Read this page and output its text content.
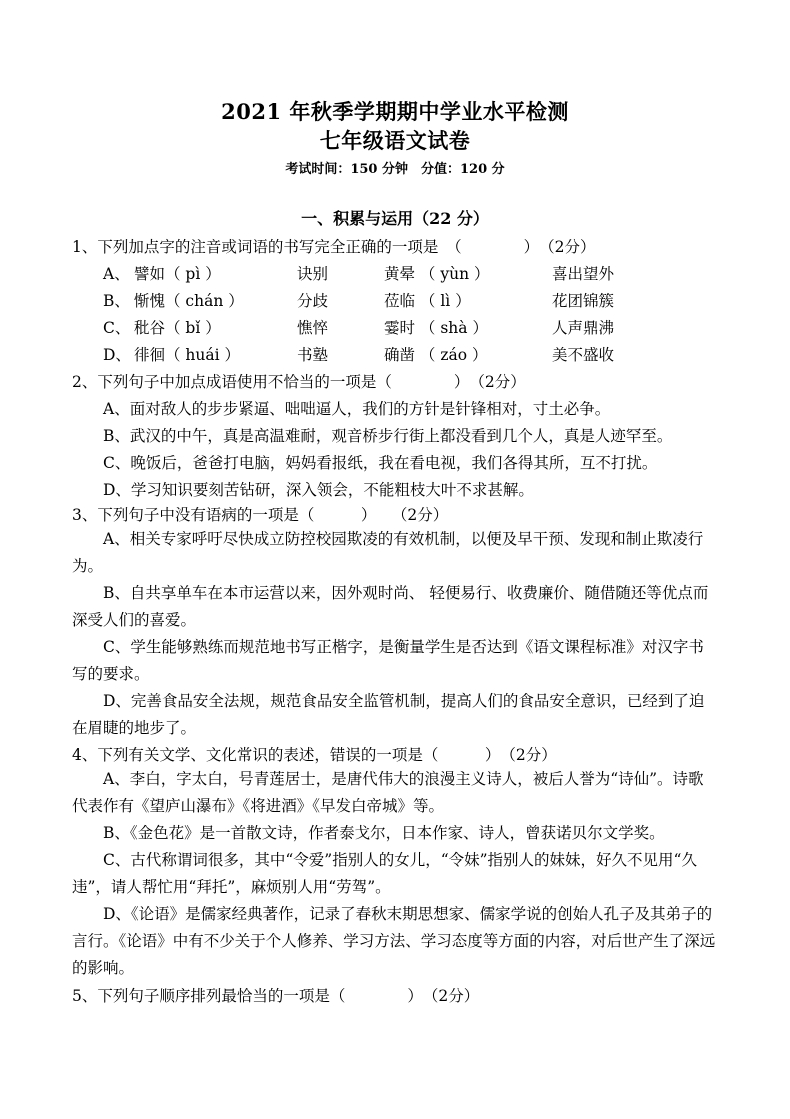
2021 年秋季学期期中学业水平检测
七年级语文试卷
考试时间：150 分钟　分值：120 分
一、积累与运用（22 分）
1、下列加点字的注音或词语的书写完全正确的一项是　（　　　　）　（2分）
A、 譬如（ pì ）	诀别	黄晕 （ yùn ）	喜出望外
B、 惭愧（ chán ）	分歧	莅临 （ lì ）	花团锦簇
C、 秕谷（ bǐ ）	憔悴	霎时 （ shà ）	人声鼎沸
D、 徘徊（ huái ）	书塾	确凿 （ záo ）	美不盛收
2、下列句子中加点成语使用不恰当的一项是（　　　　）　（2分）
A、面对敌人的步步紧逼、咄咄逼人，我们的方针是针锋相对，寸土必争。
B、武汉的中午，真是高温难耐，观音桥步行街上都没看到几个人，真是人迹罕至。
C、晚饭后，爸爸打电脑，妈妈看报纸，我在看电视，我们各得其所，互不打扰。
D、学习知识要刻苦钻研，深入领会，不能粗枝大叶不求甚解。
3、下列句子中没有语病的一项是（　　　）　　（2分）
A、相关专家呼吁尽快成立防控校园欺凌的有效机制，以便及早干预、发现和制止欺凌行为。
B、自共享单车在本市运营以来，因外观时尚、 轻便易行、收费廉价、随借随还等优点而深受人们的喜爱。
C、学生能够熟练而规范地书写正楷字，是衡量学生是否达到《语文课程标准》对汉字书写的要求。
D、完善食品安全法规，规范食品安全监管机制，提高人们的食品安全意识，已经到了迫在眉睫的地步了。
4、下列有关文学、文化常识的表述，错误的一项是（　　　）　（2分）
A、李白，字太白，号青莲居士，是唐代伟大的浪漫主义诗人，被后人誉为“诗仙”。诗歌代表作有《望庐山瀑布》《将进酒》《早发白帝城》等。
B、《金色花》是一首散文诗，作者泰戈尔，日本作家、诗人，曾获诺贝尔文学奖。
C、古代称谓词很多，其中“令爱”指别人的女儿，“令妹”指别人的妹妹，好久不见用“久违”，请人帮忙用“拜托”，麻烦别人用“劳驾”。
D、《论语》是儒家经典著作，记录了春秋末期思想家、儒家学说的创始人孔子及其弟子的言行。《论语》中有不少关于个人修养、学习方法、学习态度等方面的内容，对后世产生了深远的影响。
5、下列句子顺序排列最恰当的一项是（　　　　）　（2分）
